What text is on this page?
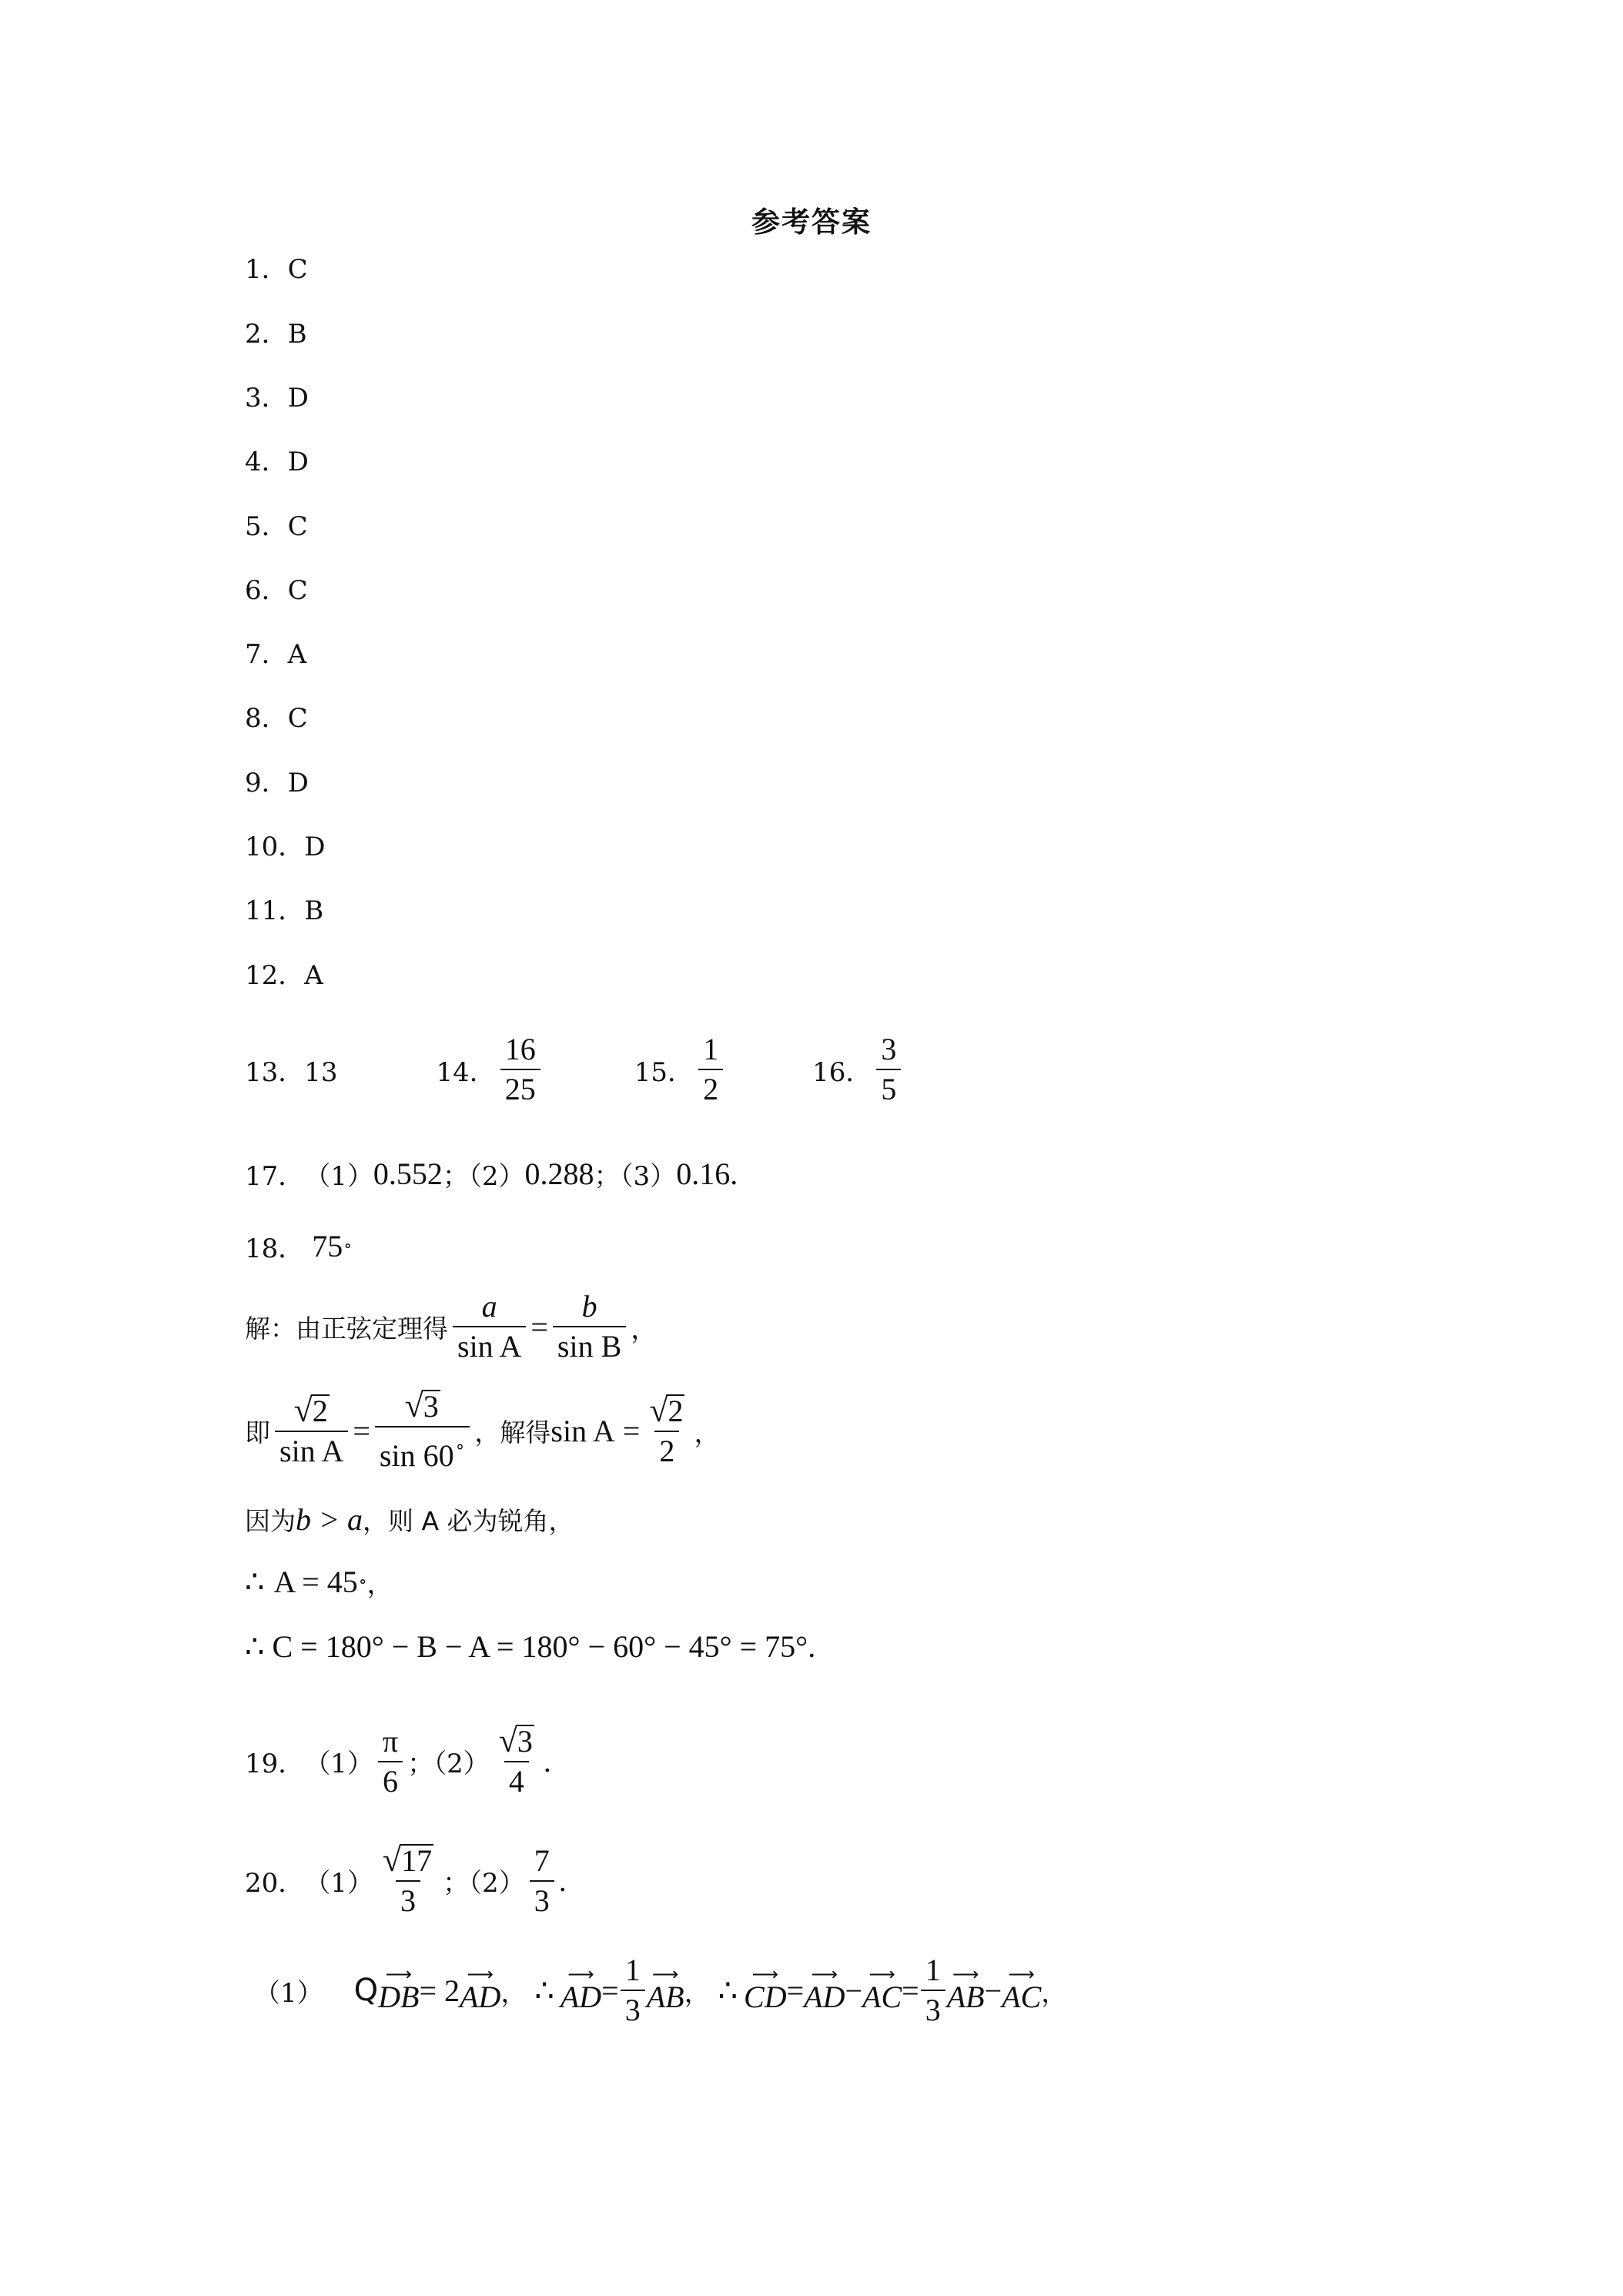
参考答案
1．C
2．B
3．D
4．D
5．C
6．C
7．A
8．C
9．D
10．D
11．B
12．A
13．13	14． $\frac{16}{25}$	15． $\frac{1}{2}$	16． $\frac{3}{5}$
17． （1） 0.552 ；（2） 0.288 ；（3） 0.16 .
18． 75 ∘
解：由正弦定理得 $\frac{a}{\text{sin A}} = \frac{b}{\text{sin B}}$ ，
即 $\frac{√ 2}{\text{sin A}} = \frac{√ 3}{\sin 60^\circ}$ ，解得 $\sin A = \frac{√ 2}{2}$ ，
因为 b > a ，则 A 必为锐角，
∴ A = 45 ∘ ，
∴ C = 180° − B − A = 180° − 60° − 45° = 75° .
19． $(1) \frac{\pi}{6}$ ；$(2) \frac{√ 3}{4}$ .
20． $(1) \frac{√ 17}{3}$ ；$(2) \frac{7}{3}$ .
（1） Q ⟶
DB = 2 ⟶
AD ， ∴ ⟶
AD = $\frac{1}{3}$ ⟶
AB ， ∴ ⟶
CD = ⟶
AD − ⟶
AC = $\frac{1}{3}$ ⟶
AB − ⟶
AC ，
